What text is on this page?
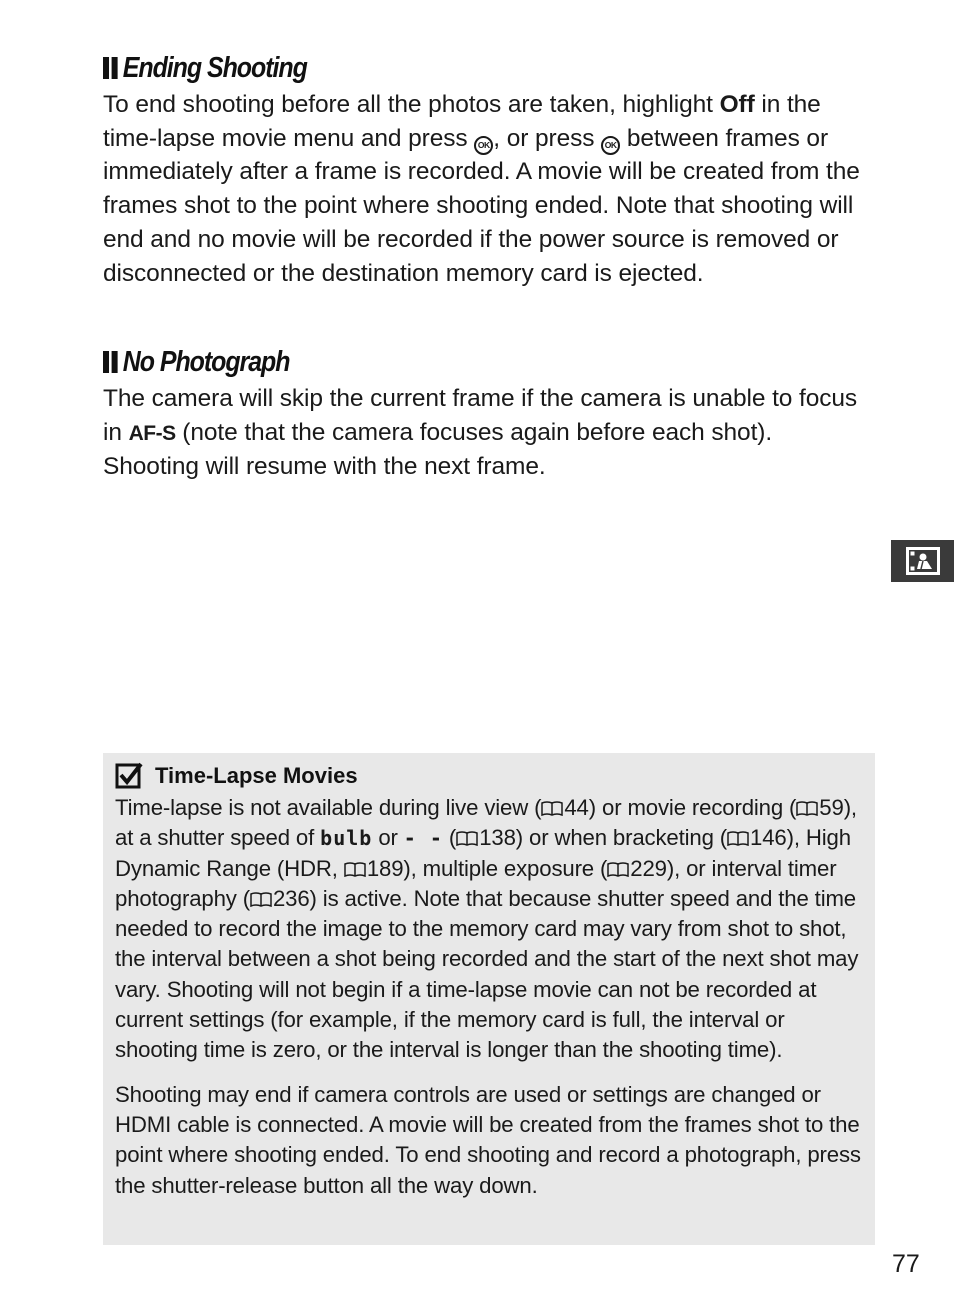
Ending Shooting

To end shooting before all the photos are taken, highlight Off in the time-lapse movie menu and press OK , or press OK between frames or immediately after a frame is recorded. A movie will be created from the frames shot to the point where shooting ended. Note that shooting will end and no movie will be recorded if the power source is removed or disconnected or the destination memory card is ejected.

No Photograph

The camera will skip the current frame if the camera is unable to focus in AF-S (note that the camera focuses again before each shot). Shooting will resume with the next frame.

Time-Lapse Movies

Time-lapse is not available during live view ( 44) or movie recording ( 59), at a shutter speed of bulb or - - ( 138) or when bracketing ( 146), High Dynamic Range (HDR, 189), multiple exposure ( 229), or interval timer photography ( 236) is active. Note that because shutter speed and the time needed to record the image to the memory card may vary from shot to shot, the interval between a shot being recorded and the start of the next shot may vary. Shooting will not begin if a time-lapse movie can not be recorded at current settings (for example, if the memory card is full, the interval or shooting time is zero, or the interval is longer than the shooting time).

Shooting may end if camera controls are used or settings are changed or HDMI cable is connected. A movie will be created from the frames shot to the point where shooting ended. To end shooting and record a photograph, press the shutter-release button all the way down.

77
